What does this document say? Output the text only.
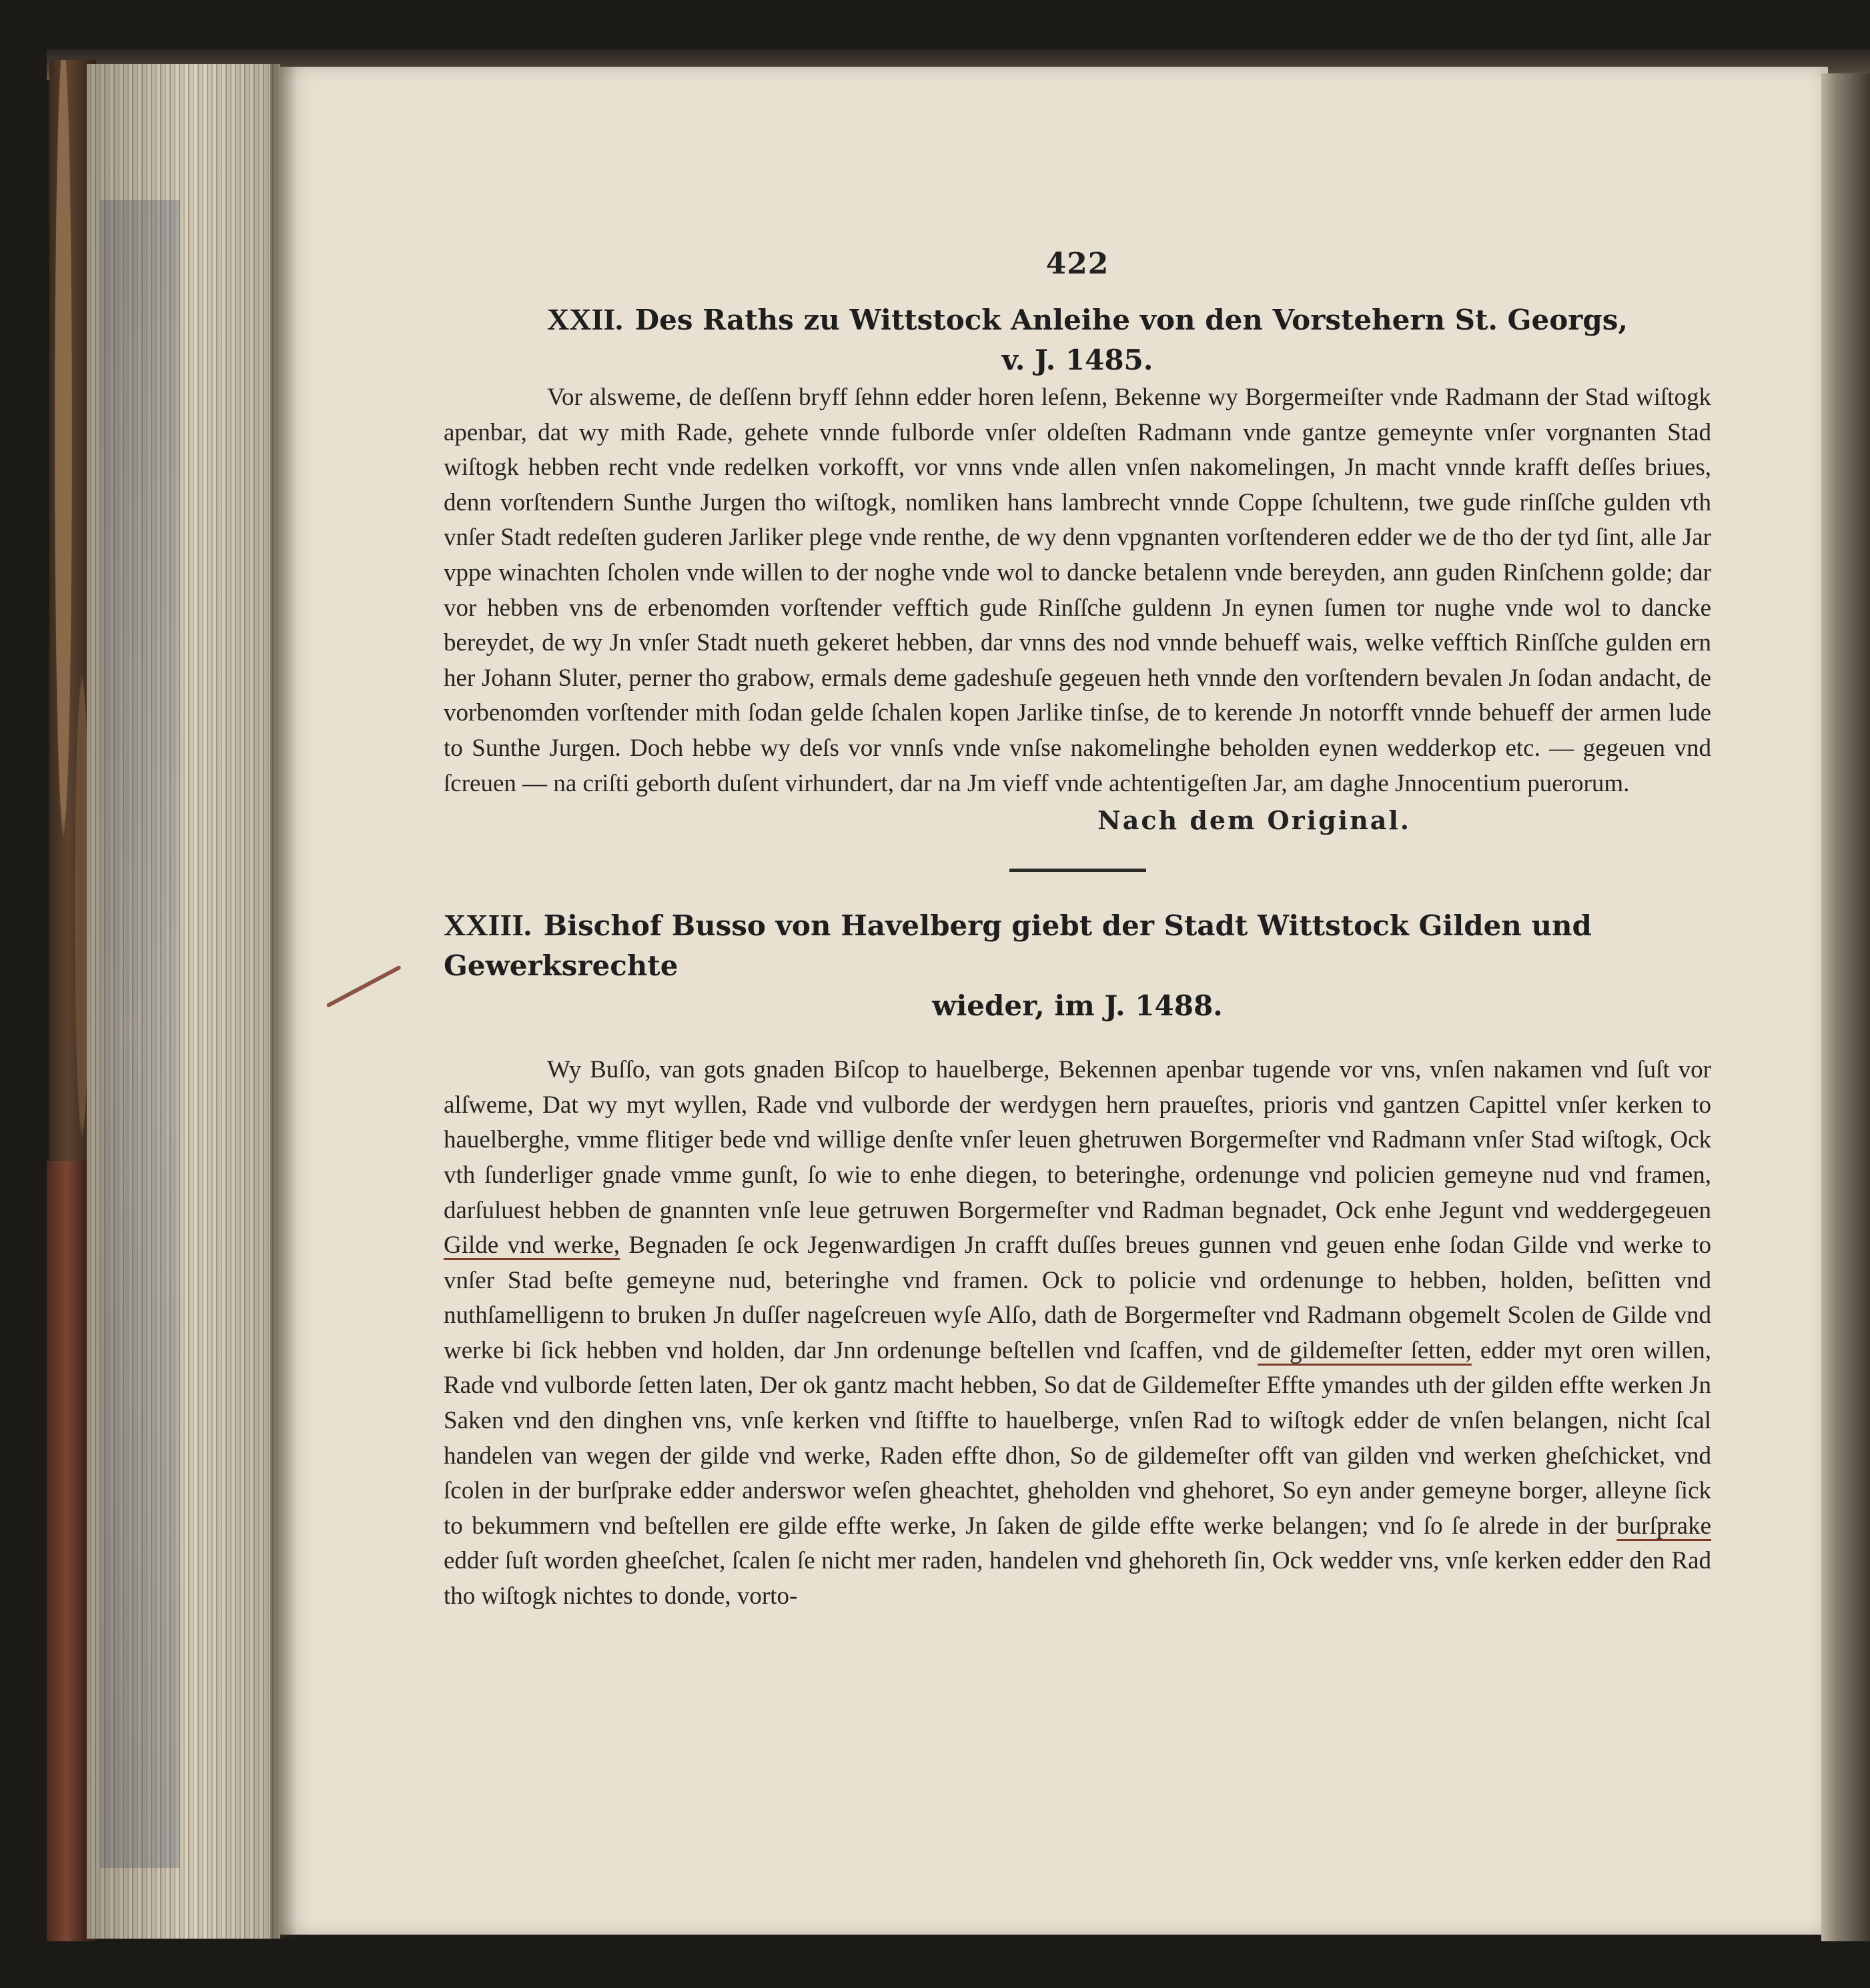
422
XXII. Des Raths zu Wittstock Anleihe von den Vorstehern St. Georgs,
v. J. 1485.

Vor alsweme, de deſſenn bryff ſehnn edder horen leſenn, Bekenne wy Borgermeiſter vnde Radmann der Stad wiſtogk apenbar, dat wy mith Rade, gehete vnnde fulborde vnſer oldeſten Radmann vnde gantze gemeynte vnſer vorgnanten Stad wiſtogk hebben recht vnde redelken vorkofft, vor vnns vnde allen vnſen nakomelingen, Jn macht vnnde krafft deſſes briues, denn vorſtendern Sunthe Jurgen tho wiſtogk, nomliken hans lambrecht vnnde Coppe ſchultenn, twe gude rinſſche gulden vth vnſer Stadt redeſten guderen Jarliker plege vnde renthe, de wy denn vpgnanten vorſtenderen edder we de tho der tyd ſint, alle Jar vppe winachten ſcholen vnde willen to der noghe vnde wol to dancke betalenn vnde bereyden, ann guden Rinſchenn golde; dar vor hebben vns de erbenomden vorſtender vefftich gude Rinſſche guldenn Jn eynen ſumen tor nughe vnde wol to dancke bereydet, de wy Jn vnſer Stadt nueth gekeret hebben, dar vnns des nod vnnde behueff wais, welke vefftich Rinſſche gulden ern her Johann Sluter, perner tho grabow, ermals deme gadeshuſe gegeuen heth vnnde den vorſtendern bevalen Jn ſodan andacht, de vorbenomden vorſtender mith ſodan gelde ſchalen kopen Jarlike tinſse, de to kerende Jn notorfft vnnde behueff der armen lude to Sunthe Jurgen. Doch hebbe wy deſs vor vnnſs vnde vnſse nakomelinghe beholden eynen wedderkop etc. — gegeuen vnd ſcreuen — na criſti geborth duſent virhundert, dar na Jm vieff vnde achtentigeſten Jar, am daghe Jnnocentium puerorum.

Nach dem Original.
XXIII. Bischof Busso von Havelberg giebt der Stadt Wittstock Gilden und Gewerksrechte
wieder, im J. 1488.

Wy Buſſo, van gots gnaden Biſcop to hauelberge, Bekennen apenbar tugende vor vns, vnſen nakamen vnd ſuſt vor alſweme, Dat wy myt wyllen, Rade vnd vulborde der werdygen hern praueſtes, prioris vnd gantzen Capittel vnſer kerken to hauelberghe, vmme flitiger bede vnd willige denſte vnſer leuen ghetruwen Borgermeſter vnd Radmann vnſer Stad wiſtogk, Ock vth ſunderliger gnade vmme gunſt, ſo wie to enhe diegen, to beteringhe, ordenunge vnd policien gemeyne nud vnd framen, darſuluest hebben de gnannten vnſe leue getruwen Borgermeſter vnd Radman begnadet, Ock enhe Jegunt vnd weddergegeuen Gilde vnd werke, Begnaden ſe ock Jegenwardigen Jn crafft duſſes breues gunnen vnd geuen enhe ſodan Gilde vnd werke to vnſer Stad beſte gemeyne nud, beteringhe vnd framen. Ock to policie vnd ordenunge to hebben, holden, beſitten vnd nuthſamelligenn to bruken Jn duſſer nageſcreuen wyſe Alſo, dath de Borgermeſter vnd Radmann obgemelt Scolen de Gilde vnd werke bi ſick hebben vnd holden, dar Jnn ordenunge beſtellen vnd ſcaffen, vnd de gildemeſter ſetten, edder myt oren willen, Rade vnd vulborde ſetten laten, Der ok gantz macht hebben, So dat de Gildemeſter Effte ymandes uth der gilden effte werken Jn Saken vnd den dinghen vns, vnſe kerken vnd ſtiffte to hauelberge, vnſen Rad to wiſtogk edder de vnſen belangen, nicht ſcal handelen van wegen der gilde vnd werke, Raden effte dhon, So de gildemeſter offt van gilden vnd werken gheſchicket, vnd ſcolen in der burſprake edder anderswor weſen gheachtet, gheholden vnd ghehoret, So eyn ander gemeyne borger, alleyne ſick to bekummern vnd beſtellen ere gilde effte werke, Jn ſaken de gilde effte werke belangen; vnd ſo ſe alrede in der burſprake edder ſuſt worden gheeſchet, ſcalen ſe nicht mer raden, handelen vnd ghehoreth ſin, Ock wedder vns, vnſe kerken edder den Rad tho wiſtogk nichtes to donde, vorto-
